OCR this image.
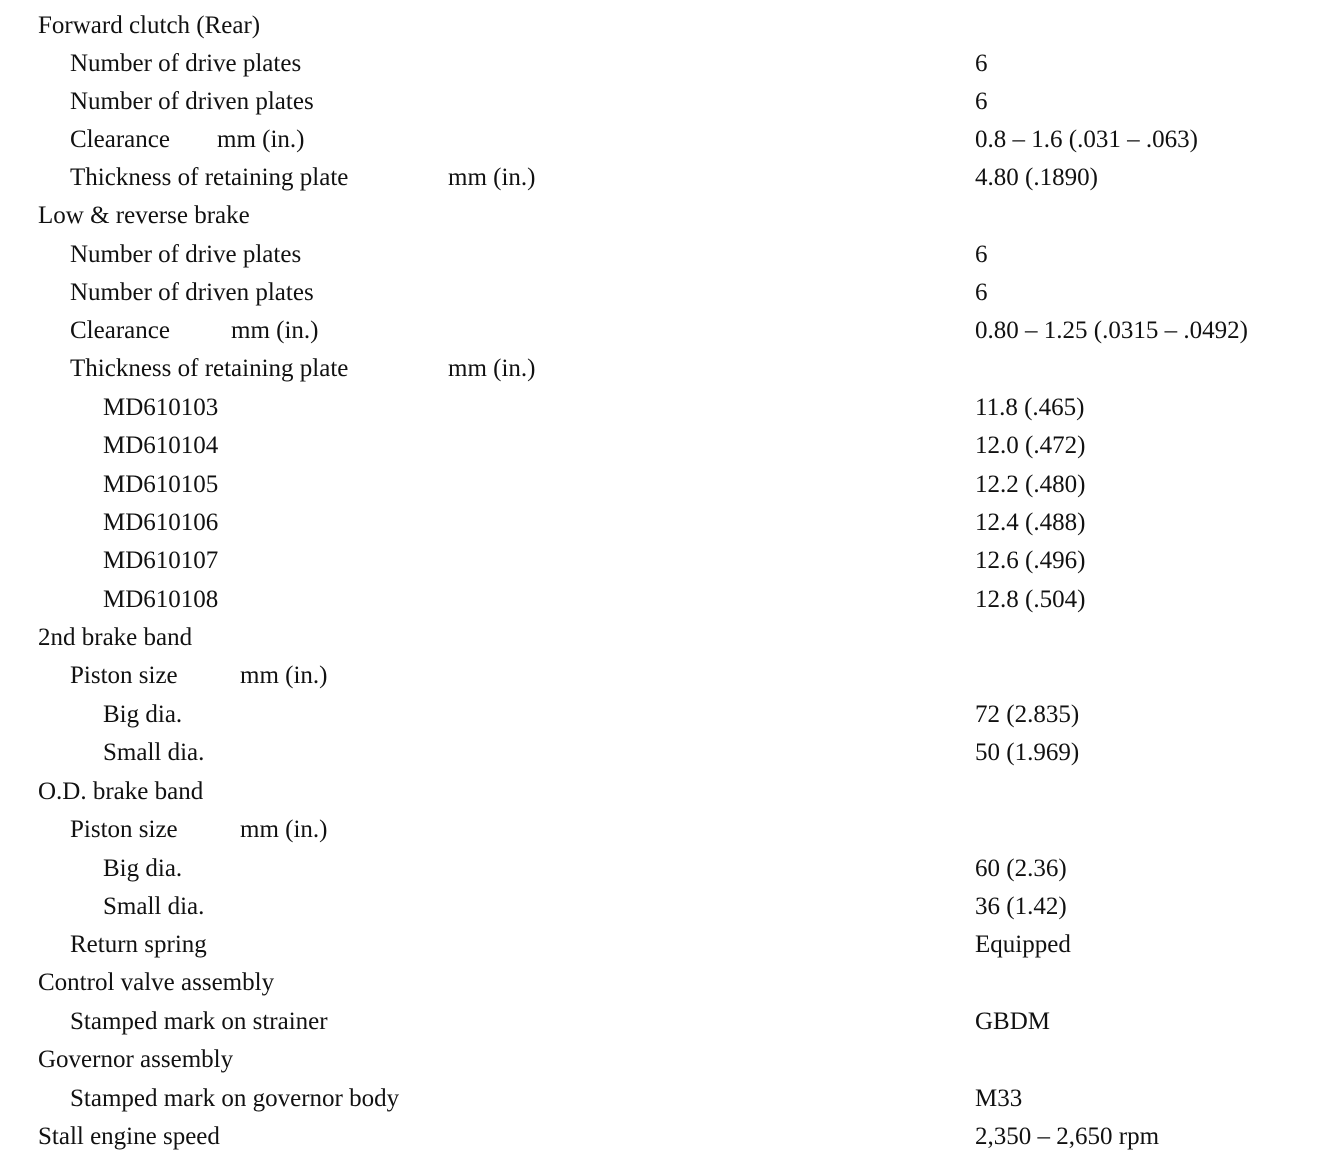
Forward clutch (Rear)
Number of drive plates	6
Number of driven plates	6
Clearance mm (in.)	0.8 – 1.6 (.031 – .063)
Thickness of retaining plate	mm (in.)	4.80 (.1890)
Low & reverse brake
Number of drive plates	6
Number of driven plates	6
Clearance mm (in.)	0.80 – 1.25 (.0315 – .0492)
Thickness of retaining plate	mm (in.)
MD610103	11.8 (.465)
MD610104	12.0 (.472)
MD610105	12.2 (.480)
MD610106	12.4 (.488)
MD610107	12.6 (.496)
MD610108	12.8 (.504)
2nd brake band
Piston size mm (in.)
Big dia.	72 (2.835)
Small dia.	50 (1.969)
O.D. brake band
Piston size mm (in.)
Big dia.	60 (2.36)
Small dia.	36 (1.42)
Return spring	Equipped
Control valve assembly
Stamped mark on strainer	GBDM
Governor assembly
Stamped mark on governor body	M33
Stall engine speed	2,350 – 2,650 rpm
